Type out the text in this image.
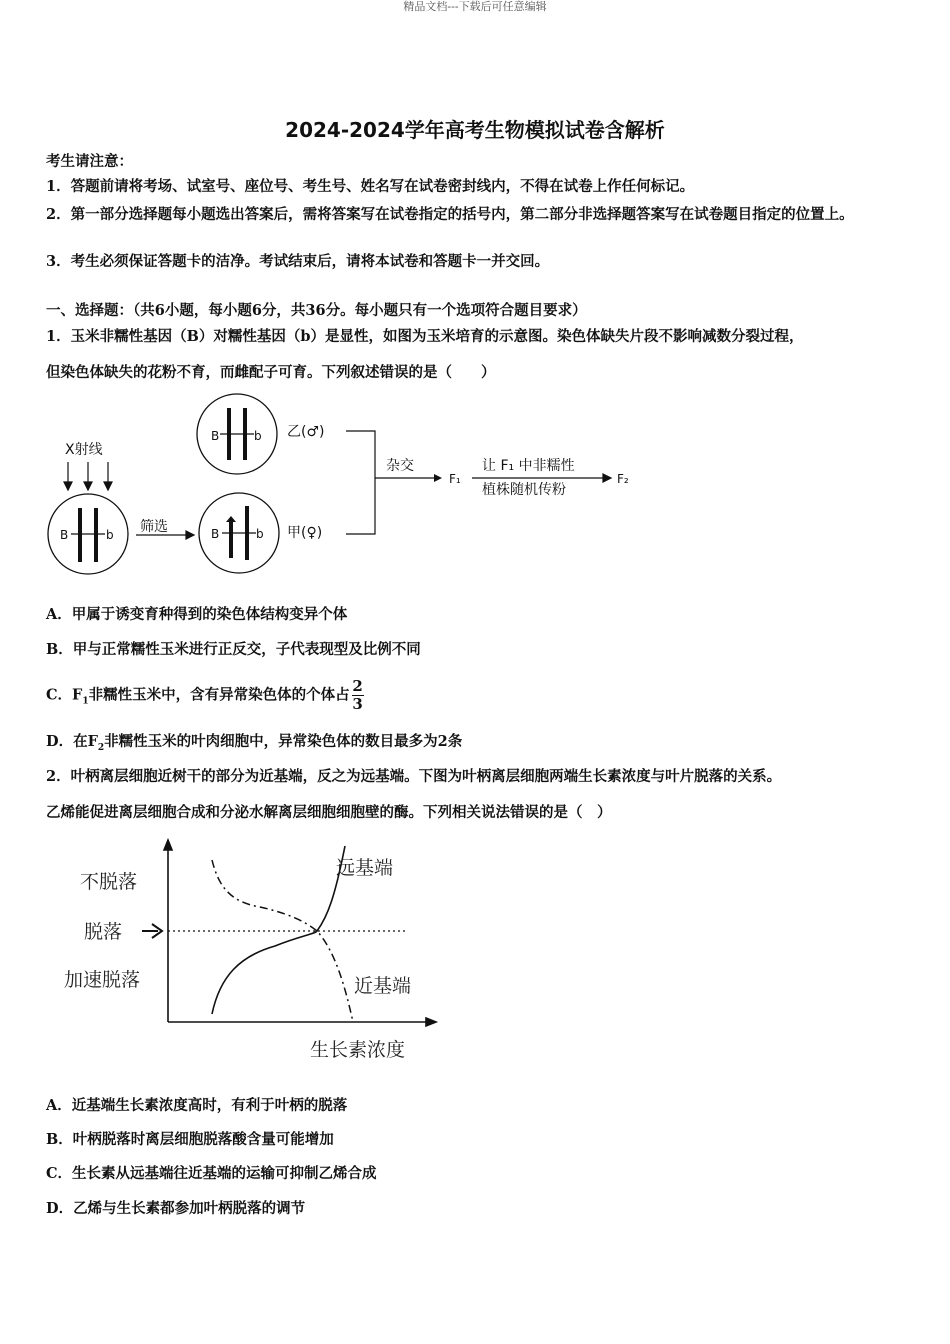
精品文档---下载后可任意编辑
2024-2024学年高考生物模拟试卷含解析
考生请注意：
1．答题前请将考场、试室号、座位号、考生号、姓名写在试卷密封线内，不得在试卷上作任何标记。
2．第一部分选择题每小题选出答案后，需将答案写在试卷指定的括号内，第二部分非选择题答案写在试卷题目指定的位置上。
3．考生必须保证答题卡的洁净。考试结束后，请将本试卷和答题卡一并交回。
一、选择题：（共6小题，每小题6分，共36分。每小题只有一个选项符合题目要求）
1．玉米非糯性基因（B）对糯性基因（b）是显性，如图为玉米培育的示意图。染色体缺失片段不影响减数分裂过程，
但染色体缺失的花粉不育，而雌配子可育。下列叙述错误的是（　　）
B	b	B	b
B	b
X射线
筛选
乙(♂)
甲(♀)
杂交
F₁
让 F₁ 中非糯性
植株随机传粉
F₂
A．甲属于诱变育种得到的染色体结构变异个体
B．甲与正常糯性玉米进行正反交，子代表现型及比例不同
C．$F_1$非糯性玉米中，含有异常染色体的个体占 $\frac{2}{3}$
D．在$F_2$非糯性玉米的叶肉细胞中，异常染色体的数目最多为2条
2．叶柄离层细胞近树干的部分为近基端，反之为远基端。下图为叶柄离层细胞两端生长素浓度与叶片脱落的关系。
乙烯能促进离层细胞合成和分泌水解离层细胞细胞壁的酶。下列相关说法错误的是（　）
不脱落
脱落
加速脱落
生长素浓度
远基端
近基端
A．近基端生长素浓度高时，有利于叶柄的脱落
B．叶柄脱落时离层细胞脱落酸含量可能增加
C．生长素从远基端往近基端的运输可抑制乙烯合成
D．乙烯与生长素都参加叶柄脱落的调节
